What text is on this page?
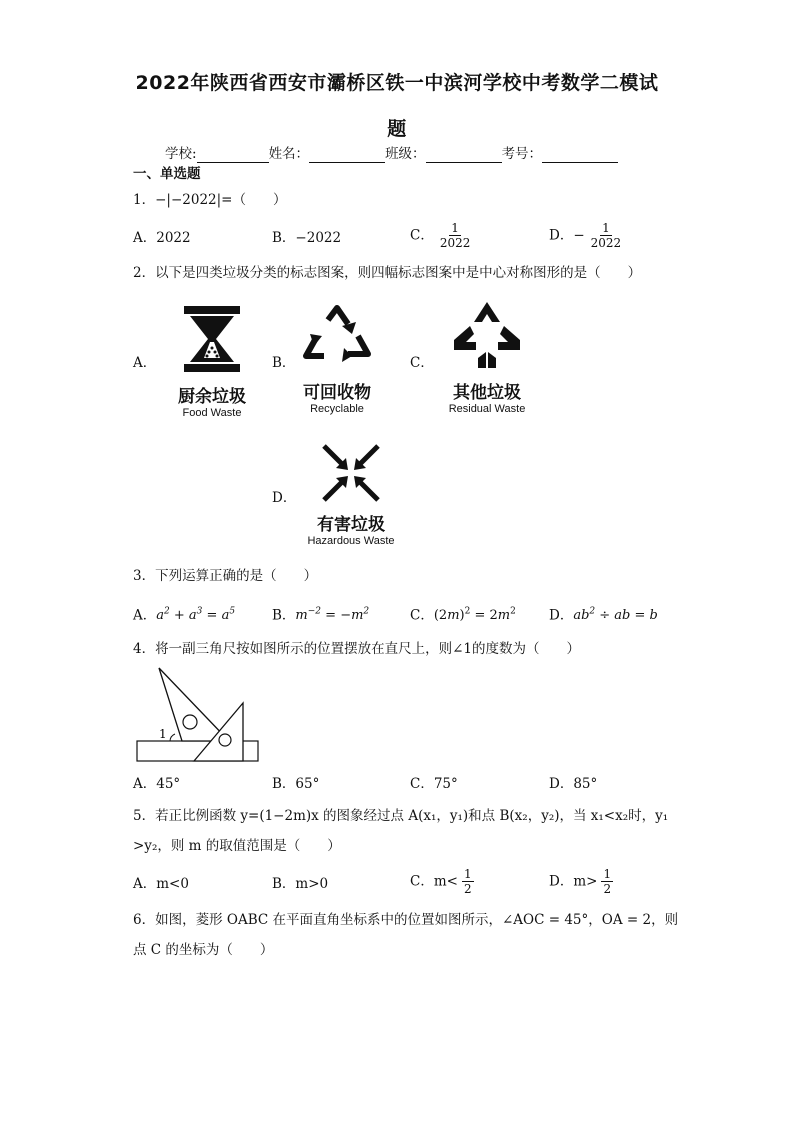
2022年陕西省西安市灞桥区铁一中滨河学校中考数学二模试
题
学校:	姓名：	班级：	考号：
一、单选题
1．−|−2022|=（　　）
A．2022	B．−2022	C． $\frac{1}{2022}$	D．− $\frac{1}{2022}$
2．以下是四类垃圾分类的标志图案，则四幅标志图案中是中心对称图形的是（　　）
A．
厨余垃圾
Food Waste
B．
可回收物
Recyclable
C．
其他垃圾
Residual Waste
D．
有害垃圾
Hazardous Waste
3．下列运算正确的是（　　）
A．$a^2 + a^3 = a^5$	B．$m^{-2} = -m^2$	C．$(2m)^2 = 2m^2$ D．$ab^2$ ÷ ab = b
4．将一副三角尺按如图所示的位置摆放在直尺上，则∠1的度数为（　　）
1
A．45°	B．65°	C．75°	D．85°
5．若正比例函数 y=(1−2m)x 的图象经过点 A(x₁，y₁)和点 B(x₂，y₂)，当 x₁<x₂时，y₁
>y₂，则 m 的取值范围是（　　）
A．m<0	B．m>0	C．$m< \frac{1}{2}$	D．$m> \frac{1}{2}$
6．如图，菱形 OABC 在平面直角坐标系中的位置如图所示，∠AOC = 45°，OA = 2，则
点 C 的坐标为（　　）
